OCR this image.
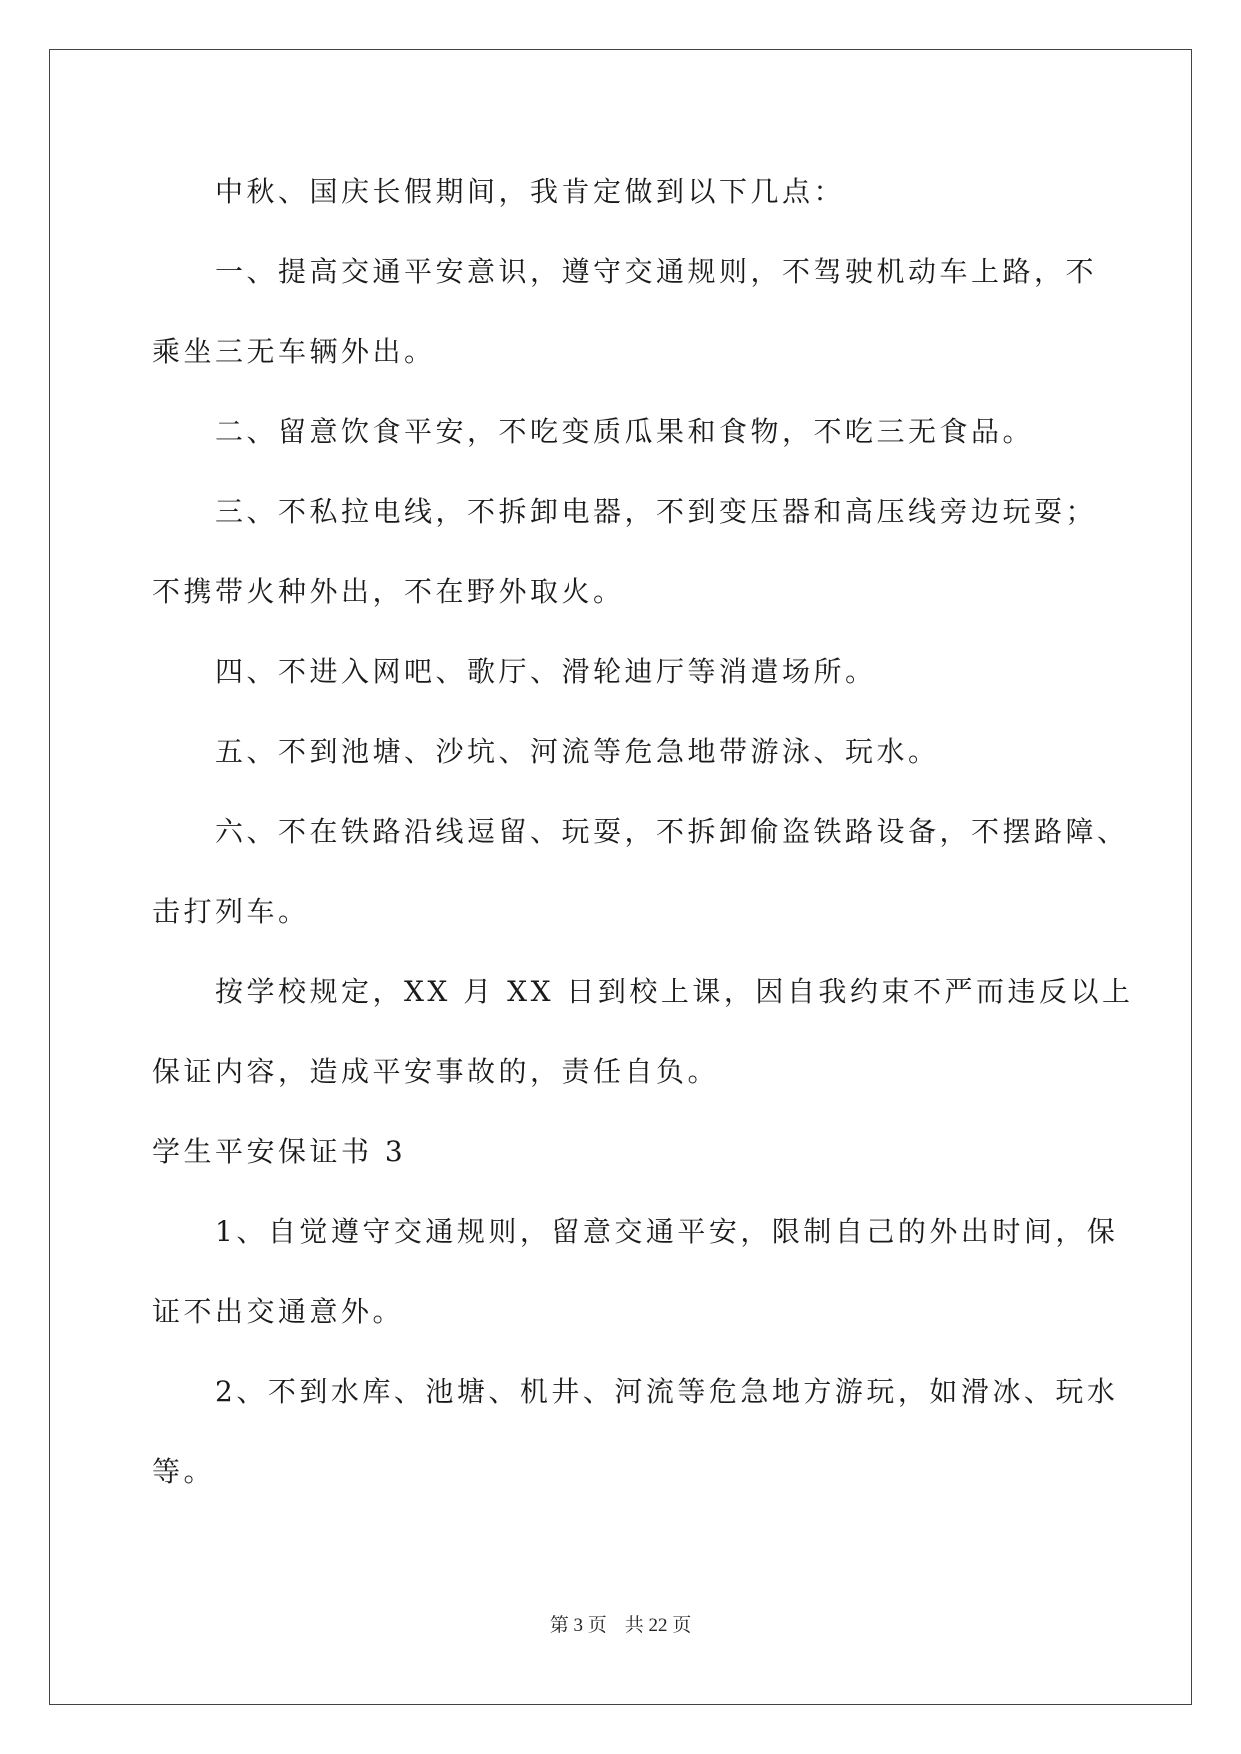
中秋、国庆长假期间，我肯定做到以下几点：
一、提高交通平安意识，遵守交通规则，不驾驶机动车上路，不
乘坐三无车辆外出。
二、留意饮食平安，不吃变质瓜果和食物，不吃三无食品。
三、不私拉电线，不拆卸电器，不到变压器和高压线旁边玩耍；
不携带火种外出，不在野外取火。
四、不进入网吧、歌厅、滑轮迪厅等消遣场所。
五、不到池塘、沙坑、河流等危急地带游泳、玩水。
六、不在铁路沿线逗留、玩耍，不拆卸偷盗铁路设备，不摆路障、
击打列车。
按学校规定，XX 月 XX 日到校上课，因自我约束不严而违反以上
保证内容，造成平安事故的，责任自负。
学生平安保证书 3
1、自觉遵守交通规则，留意交通平安，限制自己的外出时间，保
证不出交通意外。
2、不到水库、池塘、机井、河流等危急地方游玩，如滑冰、玩水
等。
第 3 页 共 22 页
